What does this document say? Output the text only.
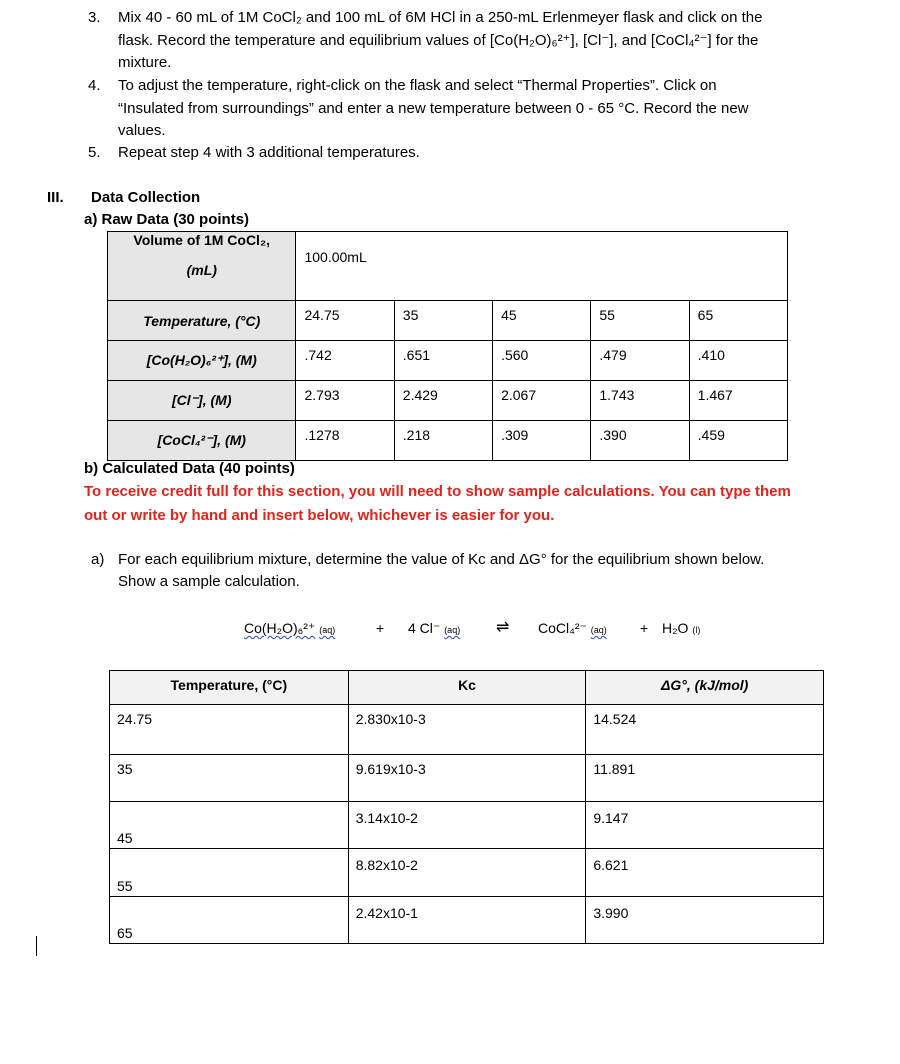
3. Mix 40 - 60 mL of 1M CoCl₂ and 100 mL of 6M HCl in a 250-mL Erlenmeyer flask and click on the
flask. Record the temperature and equilibrium values of [Co(H₂O)₆²⁺], [Cl⁻], and [CoCl₄²⁻] for the
mixture.
4. To adjust the temperature, right-click on the flask and select “Thermal Properties”. Click on
“Insulated from surroundings” and enter a new temperature between 0 - 65 °C. Record the new
values.
5. Repeat step 4 with 3 additional temperatures.
III. Data Collection
a) Raw Data (30 points)
Volume of 1M CoCl₂,
(mL)	100.00mL				
Temperature, (°C)	24.75	35	45	55	65
[Co(H₂O)₆²⁺], (M)	.742	.651	.560	.479	.410
[Cl⁻], (M)	2.793	2.429	2.067	1.743	1.467
[CoCl₄²⁻], (M)	.1278	.218	.309	.390	.459
b) Calculated Data (40 points)
To receive credit full for this section, you will need to show sample calculations. You can type them
out or write by hand and insert below, whichever is easier for you.
a) For each equilibrium mixture, determine the value of Kc and ΔG° for the equilibrium shown below.
Show a sample calculation.
Co(H₂O)₆²⁺ (aq)	+ 4 Cl⁻ (aq) ⇌ CoCl₄²⁻ (aq) + H₂O (l)
Temperature, (°C)	Kc	ΔG°, (kJ/mol)
24.75	2.830x10-3	14.524
35	9.619x10-3	11.891
45	3.14x10-2	9.147
55	8.82x10-2	6.621
65	2.42x10-1	3.990
